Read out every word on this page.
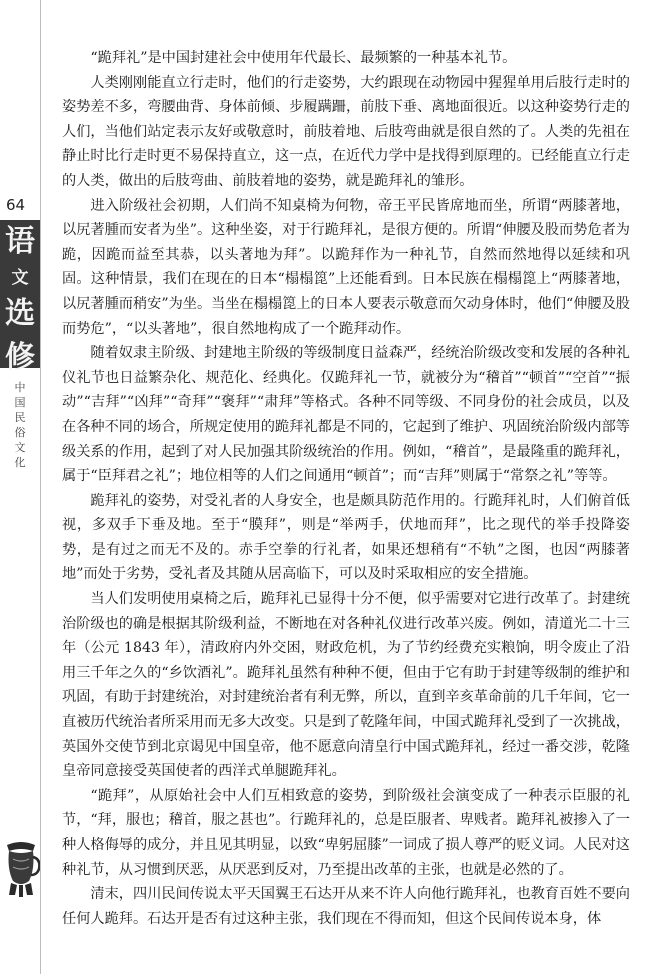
64
语
文
选
修
中
国
民
俗
文
化

“跪拜礼”是中国封建社会中使用年代最长、最频繁的一种基本礼节。

人类刚刚能直立行走时，他们的行走姿势，大约跟现在动物园中猩猩单用后肢行走时的姿势差不多，弯腰曲背、身体前倾、步履蹒跚，前肢下垂、离地面很近。以这种姿势行走的人们，当他们站定表示友好或敬意时，前肢着地、后肢弯曲就是很自然的了。人类的先祖在静止时比行走时更不易保持直立，这一点，在近代力学中是找得到原理的。已经能直立行走的人类，做出的后肢弯曲、前肢着地的姿势，就是跪拜礼的雏形。

进入阶级社会初期，人们尚不知桌椅为何物，帝王平民皆席地而坐，所谓“两膝著地，以尻著腫而安者为坐”。这种坐姿，对于行跪拜礼，是很方便的。所谓“伸腰及股而势危者为跪，因跪而益至其恭，以头著地为拜”。以跪拜作为一种礼节，自然而然地得以延续和巩固。这种情景，我们在现在的日本“榻榻箆”上还能看到。日本民族在榻榻箆上“两膝著地，以尻著腫而稍安”为坐。当坐在榻榻箆上的日本人要表示敬意而欠动身体时，他们“伸腰及股而势危”，“以头著地”，很自然地构成了一个跪拜动作。

随着奴隶主阶级、封建地主阶级的等级制度日益森严，经统治阶级改变和发展的各种礼仪礼节也日益繁杂化、规范化、经典化。仅跪拜礼一节，就被分为“稽首”“顿首”“空首”“振动”“吉拜”“凶拜”“奇拜”“褒拜”“肃拜”等格式。各种不同等级、不同身份的社会成员，以及在各种不同的场合，所规定使用的跪拜礼都是不同的，它起到了维护、巩固统治阶级内部等级关系的作用，起到了对人民加强其阶级统治的作用。例如，“稽首”，是最隆重的跪拜礼，属于“臣拜君之礼”；地位相等的人们之间通用“顿首”；而“吉拜”则属于“常祭之礼”等等。

跪拜礼的姿势，对受礼者的人身安全，也是颇具防范作用的。行跪拜礼时，人们俯首低视，多双手下垂及地。至于“膜拜”，则是“举两手，伏地而拜”，比之现代的举手投降姿势，是有过之而无不及的。赤手空拳的行礼者，如果还想稍有“不轨”之图，也因“两膝著地”而处于劣势，受礼者及其随从居高临下，可以及时采取相应的安全措施。

当人们发明使用桌椅之后，跪拜礼已显得十分不便，似乎需要对它进行改革了。封建统治阶级也的确是根据其阶级利益，不断地在对各种礼仪进行改革兴废。例如，清道光二十三年（公元 1843 年），清政府内外交困，财政危机，为了节约经费充实粮饷，明令废止了沿用三千年之久的“乡饮酒礼”。跪拜礼虽然有种种不便，但由于它有助于封建等级制的维护和巩固，有助于封建统治，对封建统治者有利无弊，所以，直到辛亥革命前的几千年间，它一直被历代统治者所采用而无多大改变。只是到了乾隆年间，中国式跪拜礼受到了一次挑战，英国外交使节到北京谒见中国皇帝，他不愿意向清皇行中国式跪拜礼，经过一番交涉，乾隆皇帝同意接受英国使者的西洋式单腿跪拜礼。

“跪拜”，从原始社会中人们互相致意的姿势，到阶级社会演变成了一种表示臣服的礼节，“拜，服也；稽首，服之甚也”。行跪拜礼的，总是臣服者、卑贱者。跪拜礼被掺入了一种人格侮辱的成分，并且见其明显，以致“卑躬屈膝”一词成了损人尊严的贬义词。人民对这种礼节，从习惯到厌恶，从厌恶到反对，乃至提出改革的主张，也就是必然的了。

清末，四川民间传说太平天国翼王石达开从来不许人向他行跪拜礼，也教育百姓不要向任何人跪拜。石达开是否有过这种主张，我们现在不得而知，但这个民间传说本身，体
